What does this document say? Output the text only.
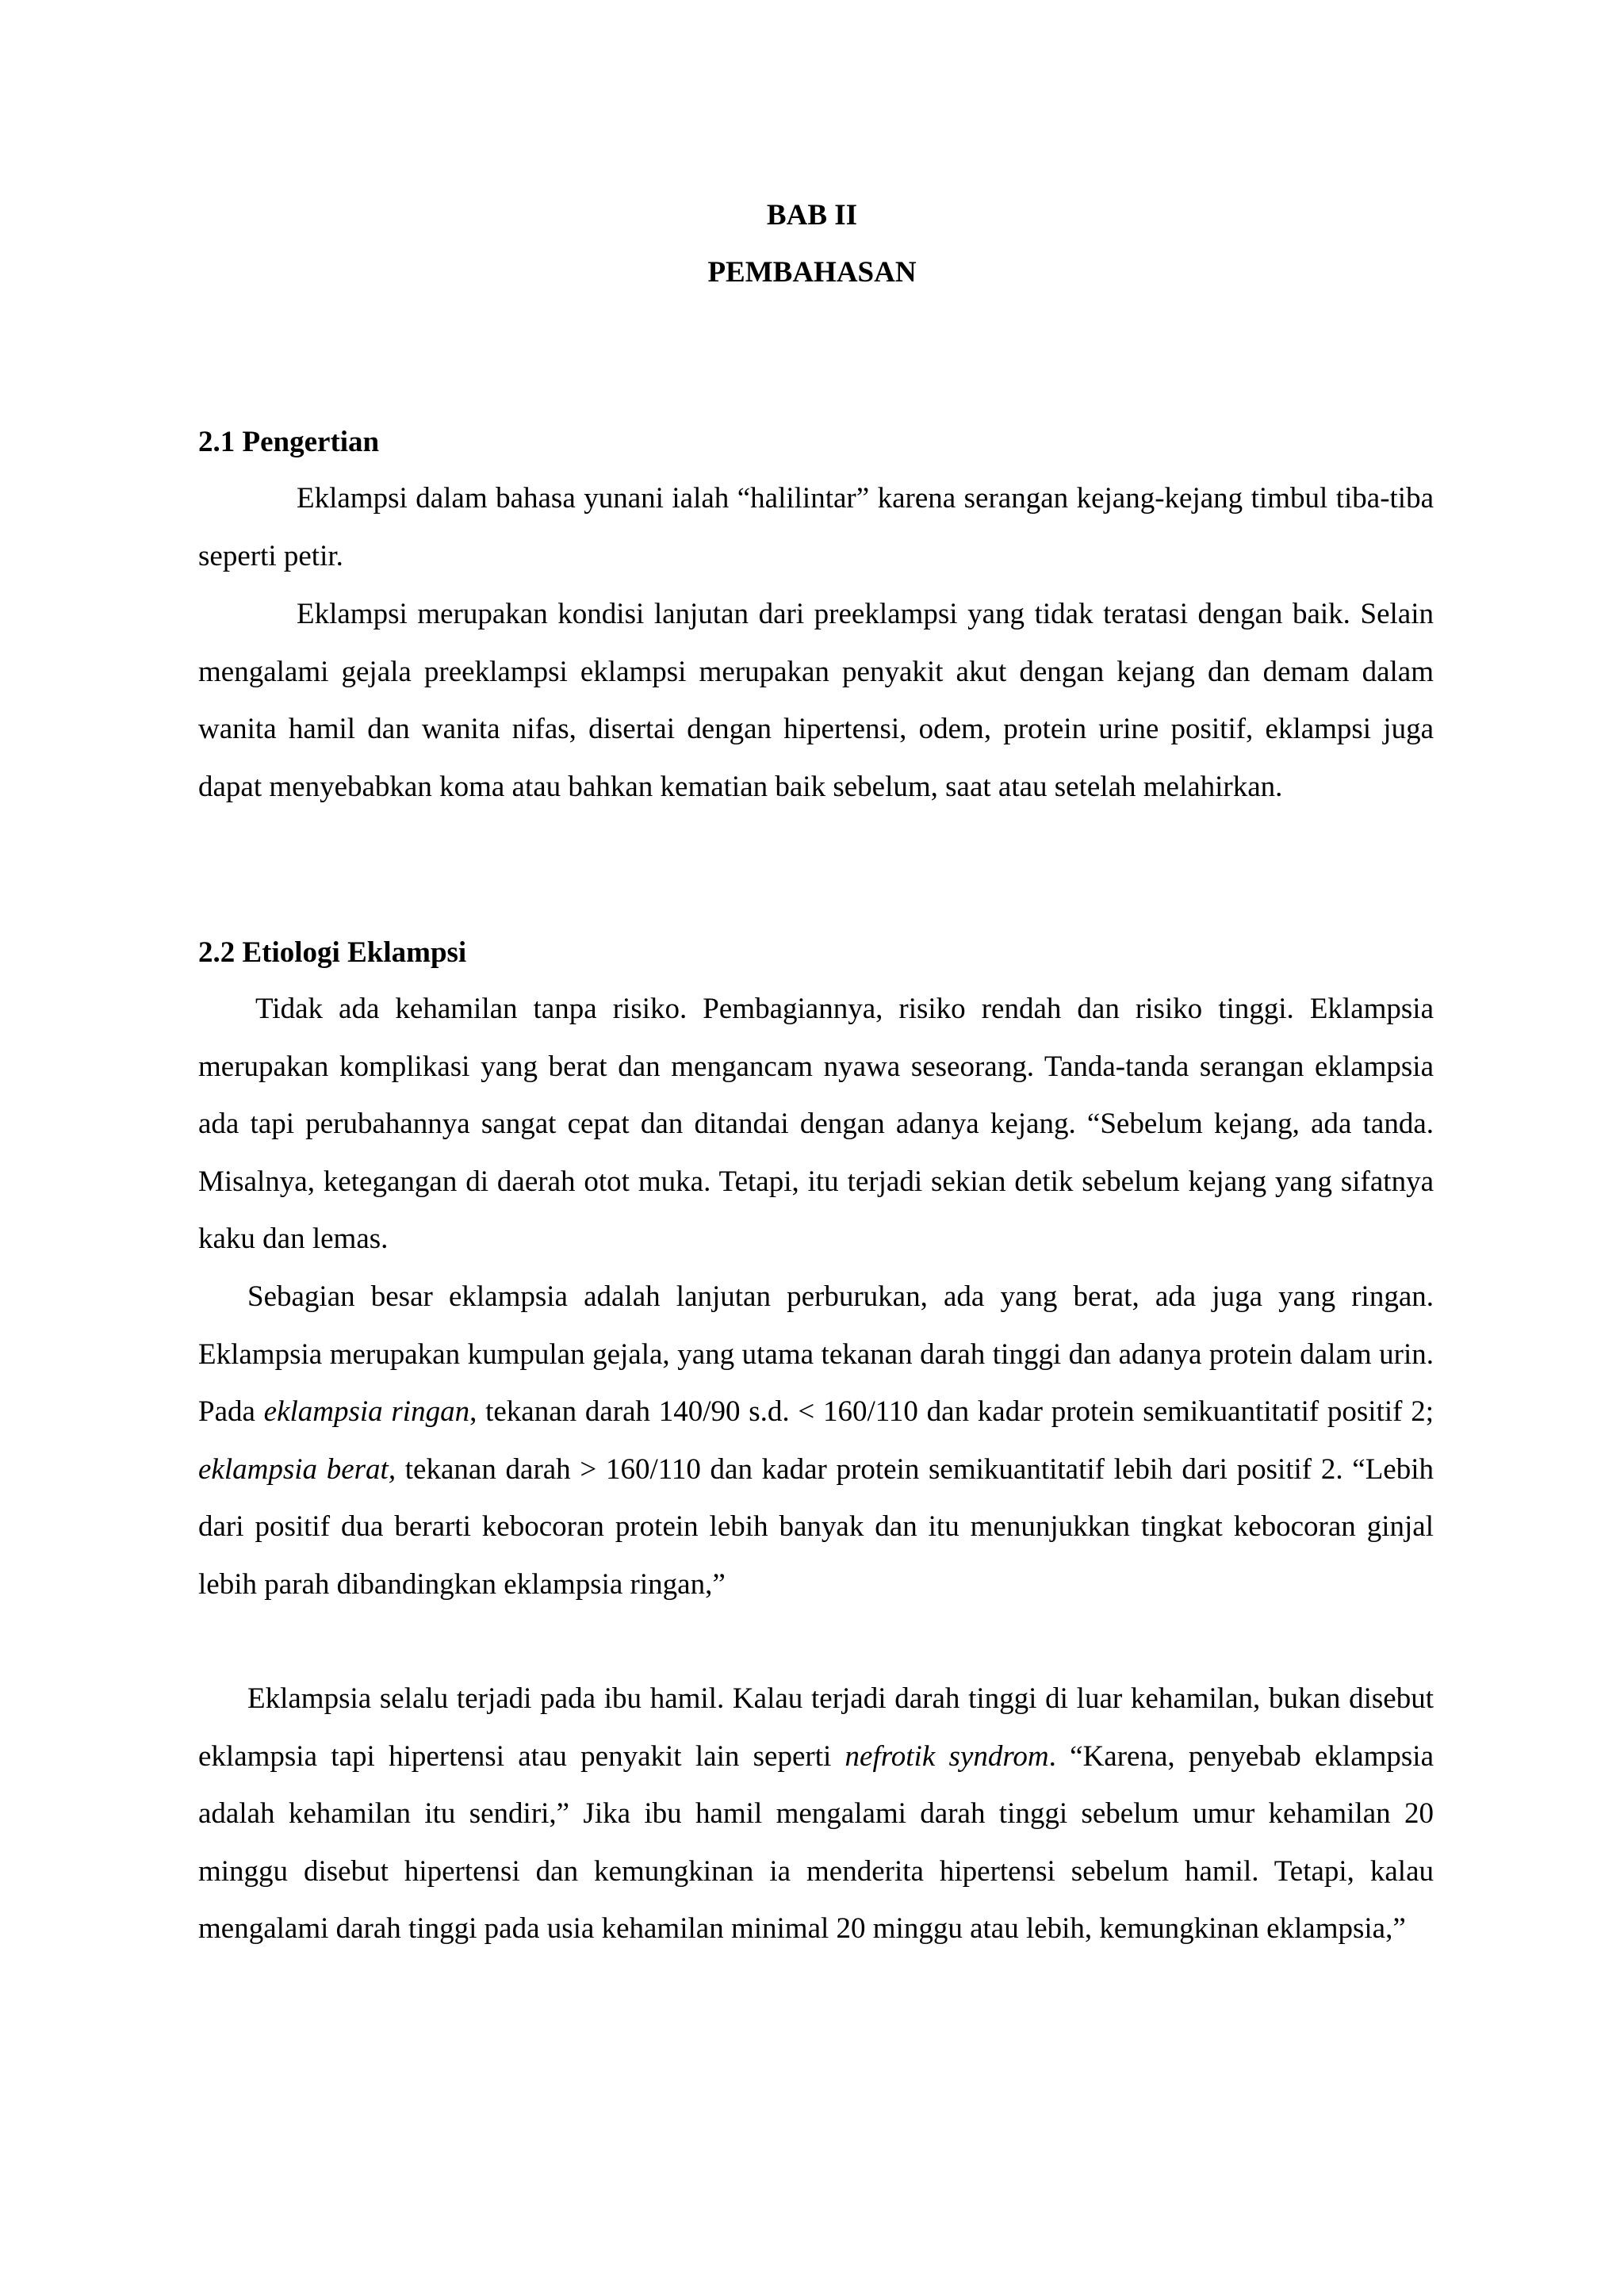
BAB II
PEMBAHASAN
2.1 Pengertian

Eklampsi dalam bahasa yunani ialah “halilintar” karena serangan kejang-kejang timbul tiba-tiba seperti petir.

Eklampsi merupakan kondisi lanjutan dari preeklampsi yang tidak teratasi dengan baik. Selain mengalami gejala preeklampsi eklampsi merupakan penyakit akut dengan kejang dan demam dalam wanita hamil dan wanita nifas, disertai dengan hipertensi, odem, protein urine positif, eklampsi juga dapat menyebabkan koma atau bahkan kematian baik sebelum, saat atau setelah melahirkan.

2.2 Etiologi Eklampsi

Tidak ada kehamilan tanpa risiko. Pembagiannya, risiko rendah dan risiko tinggi. Eklampsia merupakan komplikasi yang berat dan mengancam nyawa seseorang. Tanda-tanda serangan eklampsia ada tapi perubahannya sangat cepat dan ditandai dengan adanya kejang. “Sebelum kejang, ada tanda. Misalnya, ketegangan di daerah otot muka. Tetapi, itu terjadi sekian detik sebelum kejang yang sifatnya kaku dan lemas.

Sebagian besar eklampsia adalah lanjutan perburukan, ada yang berat, ada juga yang ringan. Eklampsia merupakan kumpulan gejala, yang utama tekanan darah tinggi dan adanya protein dalam urin. Pada eklampsia ringan, tekanan darah 140/90 s.d. < 160/110 dan kadar protein semikuantitatif positif 2; eklampsia berat, tekanan darah > 160/110 dan kadar protein semikuantitatif lebih dari positif 2. “Lebih dari positif dua berarti kebocoran protein lebih banyak dan itu menunjukkan tingkat kebocoran ginjal lebih parah dibandingkan eklampsia ringan,”

Eklampsia selalu terjadi pada ibu hamil. Kalau terjadi darah tinggi di luar kehamilan, bukan disebut eklampsia tapi hipertensi atau penyakit lain seperti nefrotik syndrom. “Karena, penyebab eklampsia adalah kehamilan itu sendiri,” Jika ibu hamil mengalami darah tinggi sebelum umur kehamilan 20 minggu disebut hipertensi dan kemungkinan ia menderita hipertensi sebelum hamil. Tetapi, kalau mengalami darah tinggi pada usia kehamilan minimal 20 minggu atau lebih, kemungkinan eklampsia,”
